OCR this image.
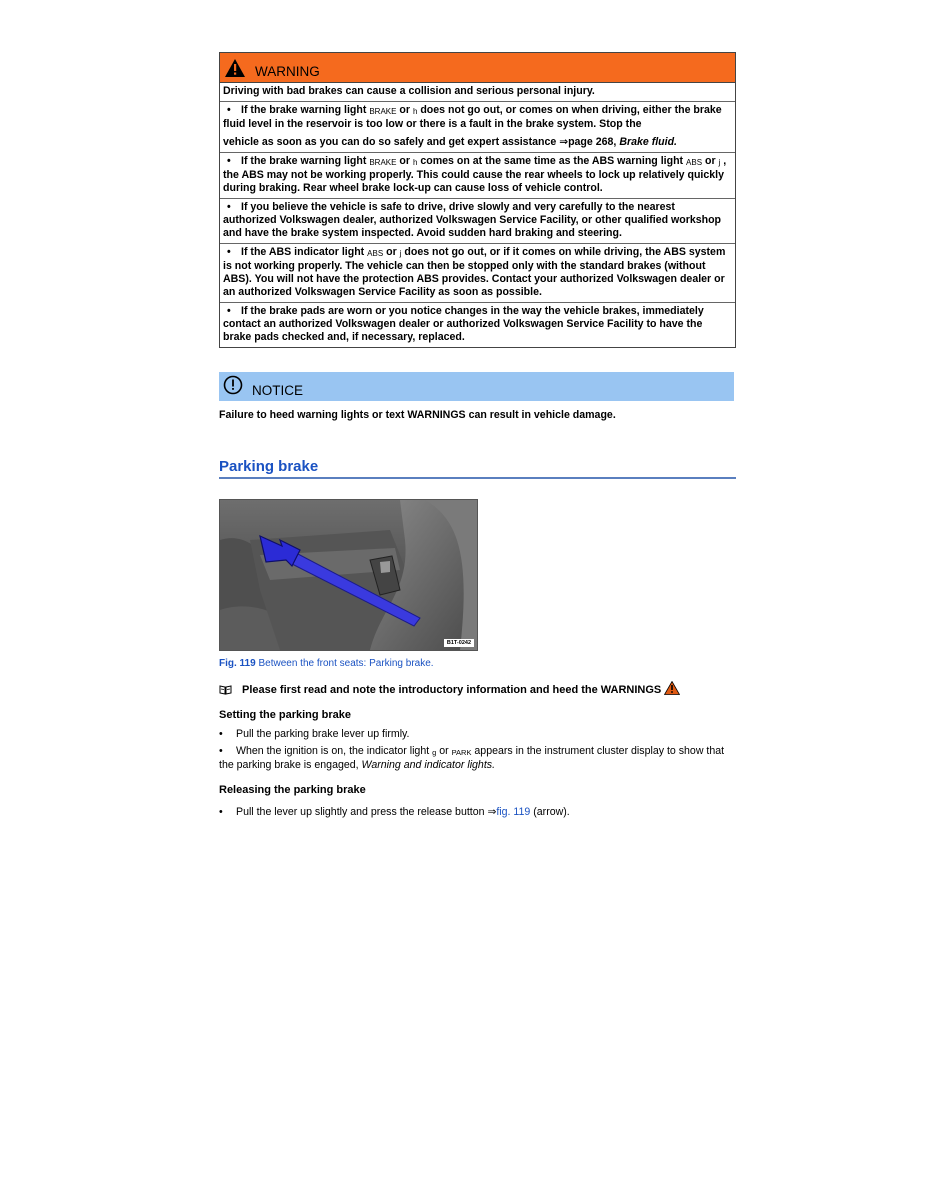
WARNING
Driving with bad brakes can cause a collision and serious personal injury.
• If the brake warning light BRAKE or h does not go out, or comes on when driving, either the brake fluid level in the reservoir is too low or there is a fault in the brake system. Stop the
vehicle as soon as you can do so safely and get expert assistance ⇒page 268, Brake fluid.
• If the brake warning light BRAKE or h comes on at the same time as the ABS warning light ABS or j , the ABS may not be working properly. This could cause the rear wheels to lock up relatively quickly during braking. Rear wheel brake lock-up can cause loss of vehicle control.
• If you believe the vehicle is safe to drive, drive slowly and very carefully to the nearest authorized Volkswagen dealer, authorized Volkswagen Service Facility, or other qualified workshop and have the brake system inspected. Avoid sudden hard braking and steering.
• If the ABS indicator light ABS or j does not go out, or if it comes on while driving, the ABS system is not working properly. The vehicle can then be stopped only with the standard brakes (without ABS). You will not have the protection ABS provides. Contact your authorized Volkswagen dealer or an authorized Volkswagen Service Facility as soon as possible.
• If the brake pads are worn or you notice changes in the way the vehicle brakes, immediately contact an authorized Volkswagen dealer or authorized Volkswagen Service Facility to have the brake pads checked and, if necessary, replaced.
NOTICE
Failure to heed warning lights or text WARNINGS can result in vehicle damage.
Parking brake
B1T-0242
Fig. 119 Between the front seats: Parking brake.
Please first read and note the introductory information and heed the WARNINGS
Setting the parking brake
•	Pull the parking brake lever up firmly.
• When the ignition is on, the indicator light g or PARK appears in the instrument cluster display to show that the parking brake is engaged, Warning and indicator lights.
Releasing the parking brake
•	Pull the lever up slightly and press the release button ⇒fig. 119 (arrow).
